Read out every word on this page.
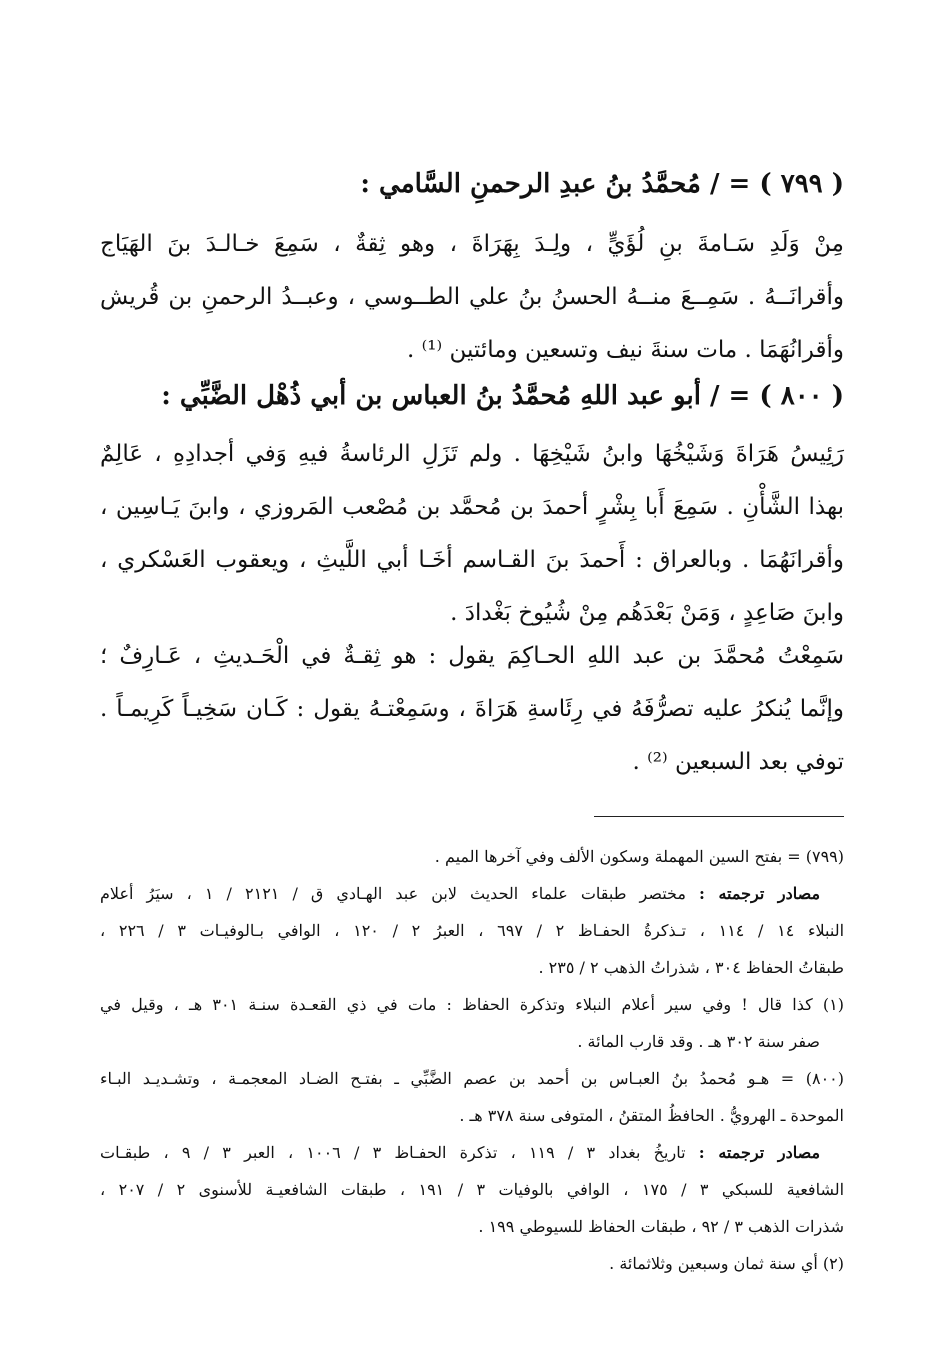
( ٧٩٩ ) = / مُحمَّدُ بنُ عبدِ الرحمنِ السَّامي :

مِنْ وَلَدِ سَـامةَ بنِ لُؤَيٍّ ، ولِـدَ بِهَرَاةَ ، وهو ثِقةٌ ، سَمِعَ خـالـدَ بنَ الهَيَاج
وأقرانَــهُ . سَمِــعَ منــهُ الحسنُ بنُ علي الطــوسي ، وعبــدُ الرحمنِ بن قُريش
وأقرانُهَمَا . مات سنةَ نيف وتسعين ومائتين ⁽¹⁾ .

( ٨٠٠ ) = / أبو عبد اللهِ مُحمَّدُ بنُ العباس بن أبي ذُهْل الضَّبِّي :

رَئِيسُ هَرَاةَ وَشَيْخُهَا وابنُ شَيْخِهَا . ولم تَزَلِ الرئاسةُ فيهِ وَفي أجدادِهِ ، عَالِمٌ
بهذا الشَّأْنِ . سَمِعَ أَبا بِشْرٍ أحمدَ بن مُحمَّد بن مُصْعب المَروزي ، وابنَ يَـاسِين ،
وأقرانَهُمَا . وبالعراق : أَحمدَ بنَ القـاسم أخَـا أبي اللَّيثِ ، ويعقوب العَسْكري ،
وابنَ صَاعِدٍ ، وَمَنْ بَعْدَهُم مِنْ شُيُوخ بَغْدادَ .

سَمِعْتُ مُحمَّدَ بن عبد اللهِ الحـاكِمَ يقول : هو ثِقـةٌ في الْحَـديثِ ، عَـارِفٌ ؛
وإنَّما يُنكرُ عليه تصرُّفَهُ في رِئَاسةِ هَرَاةَ ، وسَمِعْتـهُ يقول : كَـان سَخِيـاً كَرِيمـاً .
توفي بعد السبعين ⁽²⁾ .

(٧٩٩) = بفتح السين المهملة وسكون الألف وفي آخرها الميم .
مصادر ترجمته : مختصر طبقات علماء الحديث لابن عبد الهـادي ق / ٢١٢١ / ١ ، سيَرُ أعلام
النبلاء ١٤ / ١١٤ ، تـذكرةُ الحفـاظ ٢ / ٦٩٧ ، العبرُ ٢ / ١٢٠ ، الوافي بـالوفيـات ٣ / ٢٢٦ ،
طبقاتُ الحفاظ ٣٠٤ ، شذراتُ الذهب ٢ / ٢٣٥ .
(١) كذا قال ! وفي سير أعلام النبلاء وتذكرة الحفاظ : مات في ذي القعـدة سنـة ٣٠١ هـ ، وقيل في
صفر سنة ٣٠٢ هـ . وقد قارب المائة .
(٨٠٠) = هـو مُحمدُ بنُ العبـاس بن أحمد بن عصم الضَّبِّي ـ بفتـح الضـاد المعجمـة ، وتشـديـد البـاء
الموحدة ـ الهرويُّ . الحافظُ المتقنُ ، المتوفى سنة ٣٧٨ هـ .
مصادر ترجمته : تاريخُ بغداد ٣ / ١١٩ ، تذكرة الحفـاظ ٣ / ١٠٠٦ ، العبر ٣ / ٩ ، طبقـات
الشافعية للسبكي ٣ / ١٧٥ ، الوافي بالوفيات ٣ / ١٩١ ، طبقات الشافعيـة للأسنوى ٢ / ٢٠٧ ،
شذرات الذهب ٣ / ٩٢ ، طبقات الحفاظ للسيوطي ١٩٩ .
(٢) أي سنة ثمان وسبعين وثلاثمائة .
